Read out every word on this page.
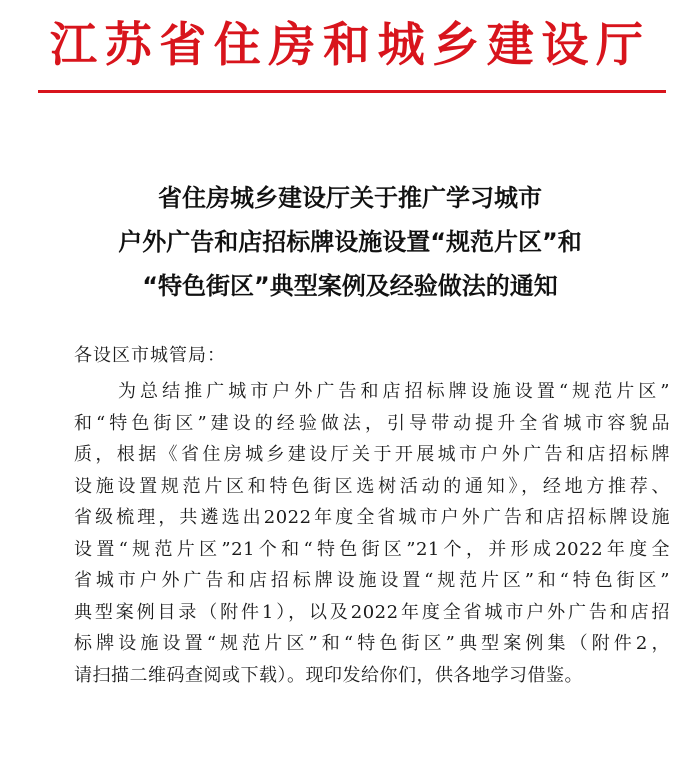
江苏省住房和城乡建设厅
省住房城乡建设厅关于推广学习城市
户外广告和店招标牌设施设置“规范片区”和
“特色街区”典型案例及经验做法的通知
各设区市城管局：
为总结推广城市户外广告和店招标牌设施设置“规范片区”
和“特色街区”建设的经验做法，引导带动提升全省城市容貌品
质，根据《省住房城乡建设厅关于开展城市户外广告和店招标牌
设施设置规范片区和特色街区选树活动的通知》，经地方推荐、
省级梳理，共遴选出2022年度全省城市户外广告和店招标牌设施
设置“规范片区”21个和“特色街区”21个，并形成2022年度全
省城市户外广告和店招标牌设施设置“规范片区”和“特色街区”
典型案例目录（附件1），以及2022年度全省城市户外广告和店招
标牌设施设置“规范片区”和“特色街区”典型案例集（附件2，
请扫描二维码查阅或下载）。现印发给你们，供各地学习借鉴。
